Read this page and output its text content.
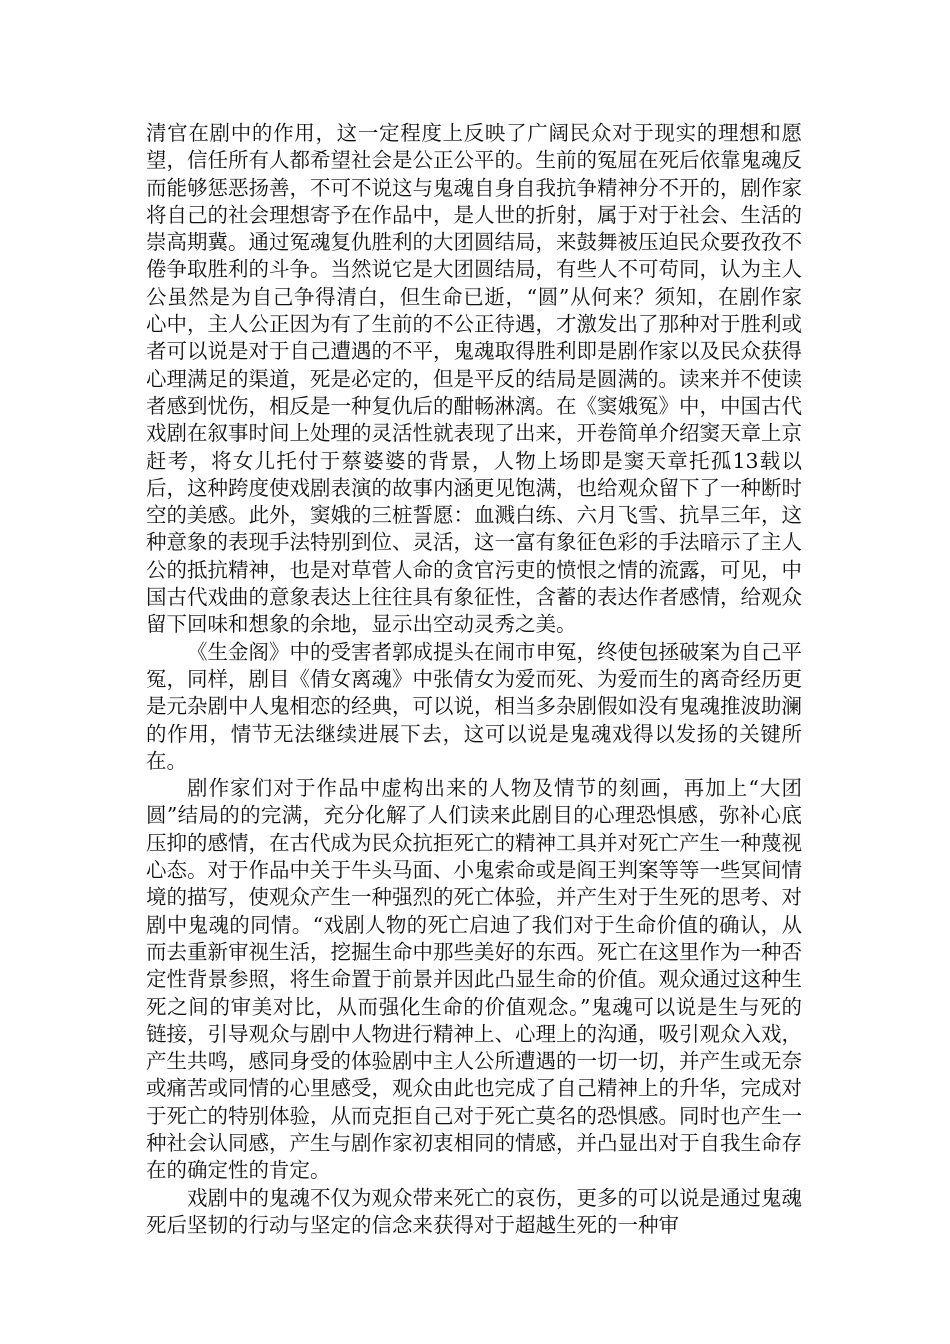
清官在剧中的作用，这一定程度上反映了广阔民众对于现实的理想和愿望，信任所有人都希望社会是公正公平的。生前的冤屈在死后依靠鬼魂反而能够惩恶扬善，不可不说这与鬼魂自身自我抗争精神分不开的，剧作家将自己的社会理想寄予在作品中，是人世的折射，属于对于社会、生活的崇高期冀。通过冤魂复仇胜利的大团圆结局，来鼓舞被压迫民众要孜孜不倦争取胜利的斗争。当然说它是大团圆结局，有些人不可苟同，认为主人公虽然是为自己争得清白，但生命已逝，“圆”从何来？须知，在剧作家心中，主人公正因为有了生前的不公正待遇，才激发出了那种对于胜利或者可以说是对于自己遭遇的不平，鬼魂取得胜利即是剧作家以及民众获得心理满足的渠道，死是必定的，但是平反的结局是圆满的。读来并不使读者感到忧伤，相反是一种复仇后的酣畅淋漓。在《窦娥冤》中，中国古代戏剧在叙事时间上处理的灵活性就表现了出来，开卷简单介绍窦天章上京赶考，将女儿托付于蔡婆婆的背景，人物上场即是窦天章托孤13载以后，这种跨度使戏剧表演的故事内涵更见饱满，也给观众留下了一种断时空的美感。此外，窦娥的三桩誓愿：血溅白练、六月飞雪、抗旱三年，这种意象的表现手法特别到位、灵活，这一富有象征色彩的手法暗示了主人公的抵抗精神，也是对草菅人命的贪官污吏的愤恨之情的流露，可见，中国古代戏曲的意象表达上往往具有象征性，含蓄的表达作者感情，给观众留下回味和想象的余地，显示出空动灵秀之美。

《生金阁》中的受害者郭成提头在闹市申冤，终使包拯破案为自己平冤，同样，剧目《倩女离魂》中张倩女为爱而死、为爱而生的离奇经历更是元杂剧中人鬼相恋的经典，可以说，相当多杂剧假如没有鬼魂推波助澜的作用，情节无法继续进展下去，这可以说是鬼魂戏得以发扬的关键所在。

剧作家们对于作品中虚构出来的人物及情节的刻画，再加上“大团圆”结局的的完满，充分化解了人们读来此剧目的心理恐惧感，弥补心底压抑的感情，在古代成为民众抗拒死亡的精神工具并对死亡产生一种蔑视心态。对于作品中关于牛头马面、小鬼索命或是阎王判案等等一些冥间情境的描写，使观众产生一种强烈的死亡体验，并产生对于生死的思考、对剧中鬼魂的同情。“戏剧人物的死亡启迪了我们对于生命价值的确认，从而去重新审视生活，挖掘生命中那些美好的东西。死亡在这里作为一种否定性背景参照，将生命置于前景并因此凸显生命的价值。观众通过这种生死之间的审美对比，从而强化生命的价值观念。”鬼魂可以说是生与死的链接，引导观众与剧中人物进行精神上、心理上的沟通，吸引观众入戏，产生共鸣，感同身受的体验剧中主人公所遭遇的一切一切，并产生或无奈或痛苦或同情的心里感受，观众由此也完成了自己精神上的升华，完成对于死亡的特别体验，从而克拒自己对于死亡莫名的恐惧感。同时也产生一种社会认同感，产生与剧作家初衷相同的情感，并凸显出对于自我生命存在的确定性的肯定。

戏剧中的鬼魂不仅为观众带来死亡的哀伤，更多的可以说是通过鬼魂死后坚韧的行动与坚定的信念来获得对于超越生死的一种审
